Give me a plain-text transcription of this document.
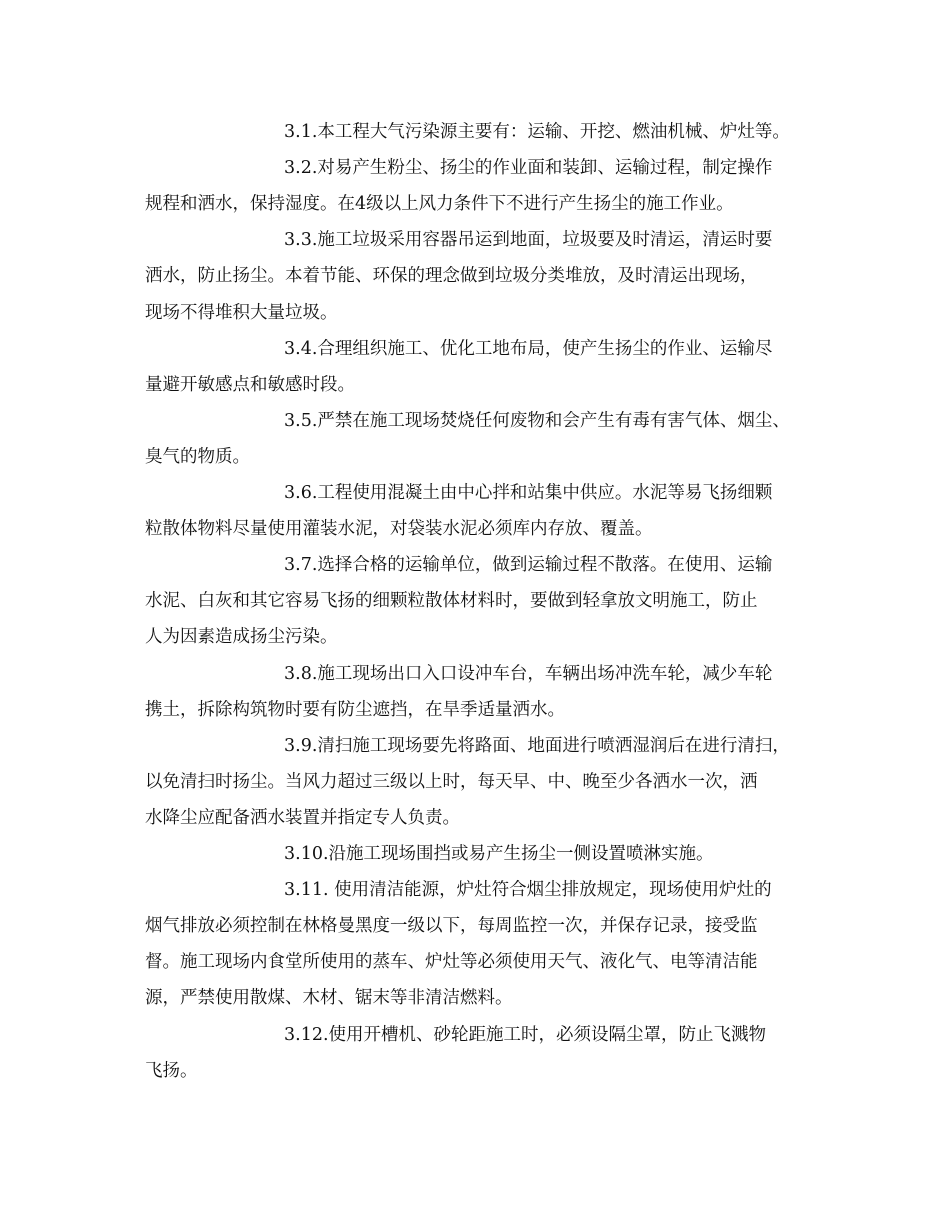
3.1.本工程大气污染源主要有：运输、开挖、燃油机械、炉灶等。
3.2.对易产生粉尘、扬尘的作业面和装卸、运输过程，制定操作
规程和洒水，保持湿度。在4级以上风力条件下不进行产生扬尘的施工作业。
3.3.施工垃圾采用容器吊运到地面，垃圾要及时清运，清运时要
洒水，防止扬尘。本着节能、环保的理念做到垃圾分类堆放，及时清运出现场，
现场不得堆积大量垃圾。
3.4.合理组织施工、优化工地布局，使产生扬尘的作业、运输尽
量避开敏感点和敏感时段。
3.5.严禁在施工现场焚烧任何废物和会产生有毒有害气体、烟尘、
臭气的物质。
3.6.工程使用混凝土由中心拌和站集中供应。水泥等易飞扬细颗
粒散体物料尽量使用灌装水泥，对袋装水泥必须库内存放、覆盖。
3.7.选择合格的运输单位，做到运输过程不散落。在使用、运输
水泥、白灰和其它容易飞扬的细颗粒散体材料时，要做到轻拿放文明施工，防止
人为因素造成扬尘污染。
3.8.施工现场出口入口设冲车台，车辆出场冲洗车轮，减少车轮
携土，拆除构筑物时要有防尘遮挡，在旱季适量洒水。
3.9.清扫施工现场要先将路面、地面进行喷洒湿润后在进行清扫，
以免清扫时扬尘。当风力超过三级以上时，每天早、中、晚至少各洒水一次，洒
水降尘应配备洒水装置并指定专人负责。
3.10.沿施工现场围挡或易产生扬尘一侧设置喷淋实施。
3.11. 使用清洁能源，炉灶符合烟尘排放规定，现场使用炉灶的
烟气排放必须控制在林格曼黑度一级以下，每周监控一次，并保存记录，接受监
督。施工现场内食堂所使用的蒸车、炉灶等必须使用天气、液化气、电等清洁能
源，严禁使用散煤、木材、锯末等非清洁燃料。
3.12.使用开槽机、砂轮距施工时，必须设隔尘罩，防止飞溅物
飞扬。
